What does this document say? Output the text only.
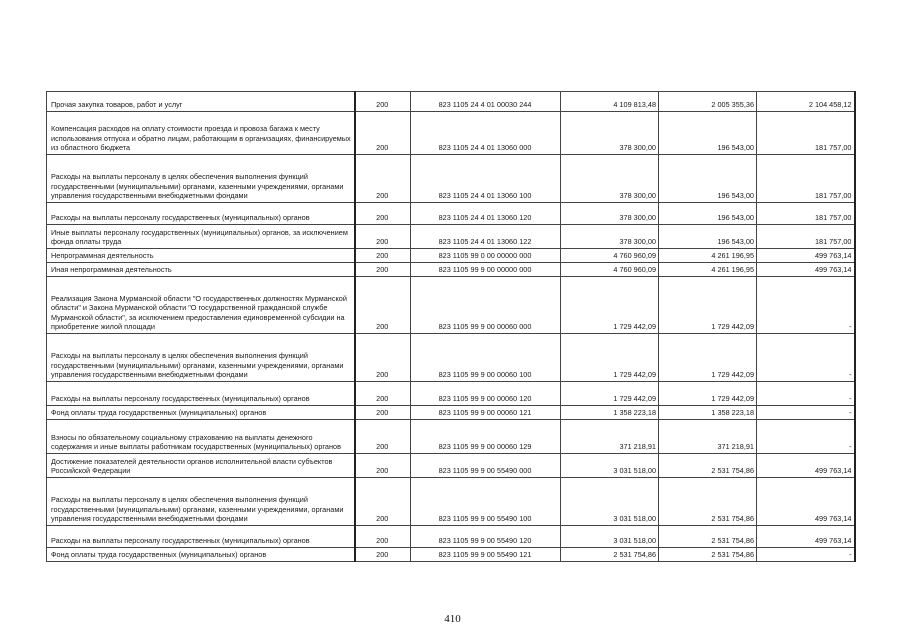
Прочая закупка товаров, работ и услуг	200	823 1105 24 4 01 00030 244	4 109 813,48	2 005 355,36	2 104 458,12
Компенсация расходов на оплату стоимости проезда и провоза багажа к месту использования отпуска и обратно лицам, работающим в организациях, финансируемых из областного бюджета	200	823 1105 24 4 01 13060 000	378 300,00	196 543,00	181 757,00
Расходы на выплаты персоналу в целях обеспечения выполнения функций государственными (муниципальными) органами, казенными учреждениями, органами управления государственными внебюджетными фондами	200	823 1105 24 4 01 13060 100	378 300,00	196 543,00	181 757,00
Расходы на выплаты персоналу государственных (муниципальных) органов	200	823 1105 24 4 01 13060 120	378 300,00	196 543,00	181 757,00
Иные выплаты персоналу государственных (муниципальных) органов, за исключением фонда оплаты труда	200	823 1105 24 4 01 13060 122	378 300,00	196 543,00	181 757,00
Непрограммная деятельность	200	823 1105 99 0 00 00000 000	4 760 960,09	4 261 196,95	499 763,14
Иная непрограммная деятельность	200	823 1105 99 9 00 00000 000	4 760 960,09	4 261 196,95	499 763,14
Реализация Закона Мурманской области "О государственных должностях Мурманской области" и Закона Мурманской области "О государственной гражданской службе Мурманской области", за исключением предоставления единовременной субсидии на приобретение жилой площади	200	823 1105 99 9 00 00060 000	1 729 442,09	1 729 442,09	-
Расходы на выплаты персоналу в целях обеспечения выполнения функций государственными (муниципальными) органами, казенными учреждениями, органами управления государственными внебюджетными фондами	200	823 1105 99 9 00 00060 100	1 729 442,09	1 729 442,09	-
Расходы на выплаты персоналу государственных (муниципальных) органов	200	823 1105 99 9 00 00060 120	1 729 442,09	1 729 442,09	-
Фонд оплаты труда государственных (муниципальных) органов	200	823 1105 99 9 00 00060 121	1 358 223,18	1 358 223,18	-
Взносы по обязательному социальному страхованию на выплаты денежного содержания и иные выплаты работникам государственных (муниципальных) органов	200	823 1105 99 9 00 00060 129	371 218,91	371 218,91	-
Достижение показателей деятельности органов исполнительной власти субъектов Российской Федерации	200	823 1105 99 9 00 55490 000	3 031 518,00	2 531 754,86	499 763,14
Расходы на выплаты персоналу в целях обеспечения выполнения функций государственными (муниципальными) органами, казенными учреждениями, органами управления государственными внебюджетными фондами	200	823 1105 99 9 00 55490 100	3 031 518,00	2 531 754,86	499 763,14
Расходы на выплаты персоналу государственных (муниципальных) органов	200	823 1105 99 9 00 55490 120	3 031 518,00	2 531 754,86	499 763,14
Фонд оплаты труда государственных (муниципальных) органов	200	823 1105 99 9 00 55490 121	2 531 754,86	2 531 754,86	-
410
